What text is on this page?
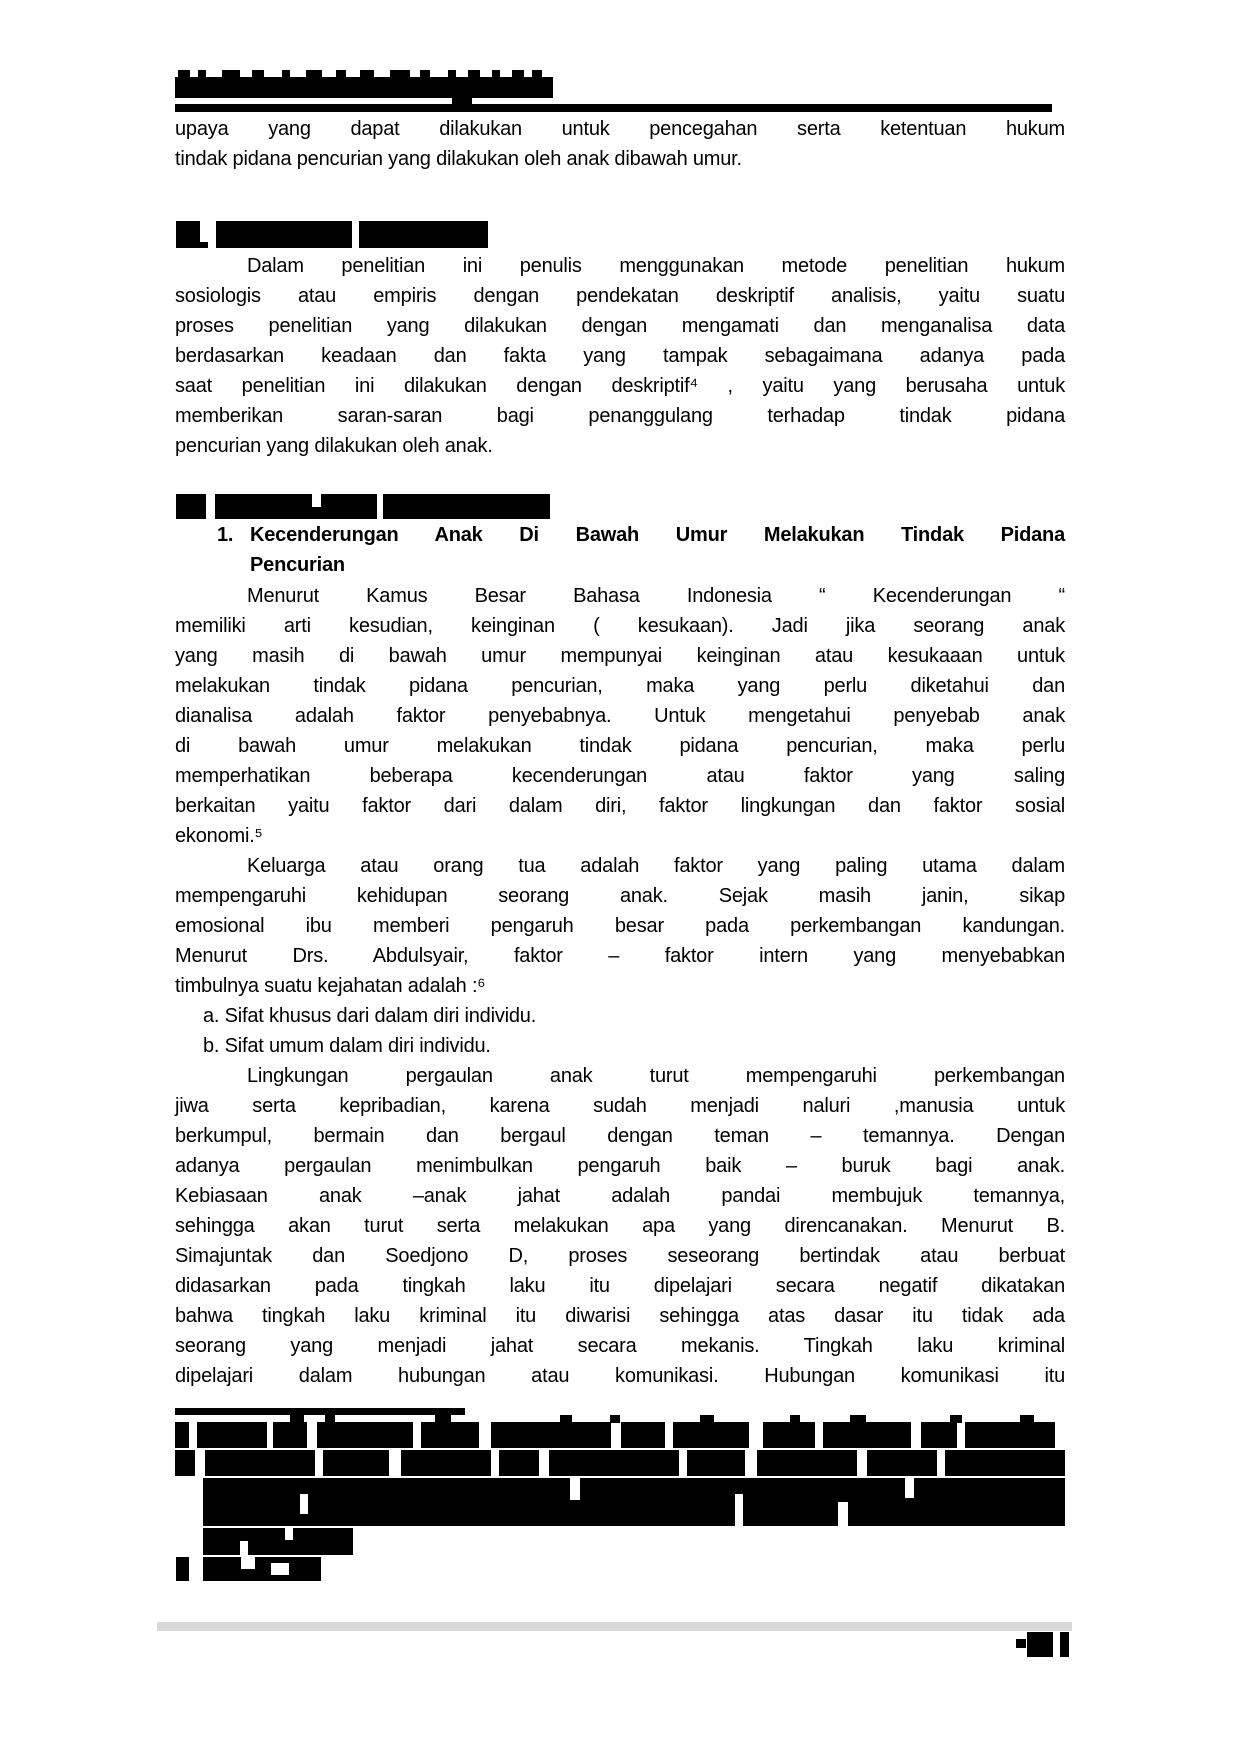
upaya yang dapat dilakukan untuk pencegahan serta ketentuan hukum
tindak pidana pencurian yang dilakukan oleh anak dibawah umur.
Dalam penelitian ini penulis menggunakan metode penelitian hukum
sosiologis atau empiris dengan pendekatan deskriptif analisis, yaitu suatu
proses penelitian yang dilakukan dengan mengamati dan menganalisa data
berdasarkan keadaan dan fakta yang tampak sebagaimana adanya pada
saat penelitian ini dilakukan dengan deskriptif⁴ , yaitu yang berusaha untuk
memberikan saran-saran bagi penanggulang terhadap tindak pidana
pencurian yang dilakukan oleh anak.
1. Kecenderungan Anak Di Bawah Umur Melakukan Tindak Pidana
Pencurian
Menurut Kamus Besar Bahasa Indonesia “ Kecenderungan “
memiliki arti kesudian, keinginan ( kesukaan). Jadi jika seorang anak
yang masih di bawah umur mempunyai keinginan atau kesukaaan untuk
melakukan tindak pidana pencurian, maka yang perlu diketahui dan
dianalisa adalah faktor penyebabnya. Untuk mengetahui penyebab anak
di bawah umur melakukan tindak pidana pencurian, maka perlu
memperhatikan beberapa kecenderungan atau faktor yang saling
berkaitan yaitu faktor dari dalam diri, faktor lingkungan dan faktor sosial
ekonomi.⁵
Keluarga atau orang tua adalah faktor yang paling utama dalam
mempengaruhi kehidupan seorang anak. Sejak masih janin, sikap
emosional ibu memberi pengaruh besar pada perkembangan kandungan.
Menurut Drs. Abdulsyair, faktor – faktor intern yang menyebabkan
timbulnya suatu kejahatan adalah :⁶
a. Sifat khusus dari dalam diri individu.
b. Sifat umum dalam diri individu.
Lingkungan pergaulan anak turut mempengaruhi perkembangan
jiwa serta kepribadian, karena sudah menjadi naluri ,manusia untuk
berkumpul, bermain dan bergaul dengan teman – temannya. Dengan
adanya pergaulan menimbulkan pengaruh baik – buruk bagi anak.
Kebiasaan anak –anak jahat adalah pandai membujuk temannya,
sehingga akan turut serta melakukan apa yang direncanakan. Menurut B.
Simajuntak dan Soedjono D, proses seseorang bertindak atau berbuat
didasarkan pada tingkah laku itu dipelajari secara negatif dikatakan
bahwa tingkah laku kriminal itu diwarisi sehingga atas dasar itu tidak ada
seorang yang menjadi jahat secara mekanis. Tingkah laku kriminal
dipelajari dalam hubungan atau komunikasi. Hubungan komunikasi itu
